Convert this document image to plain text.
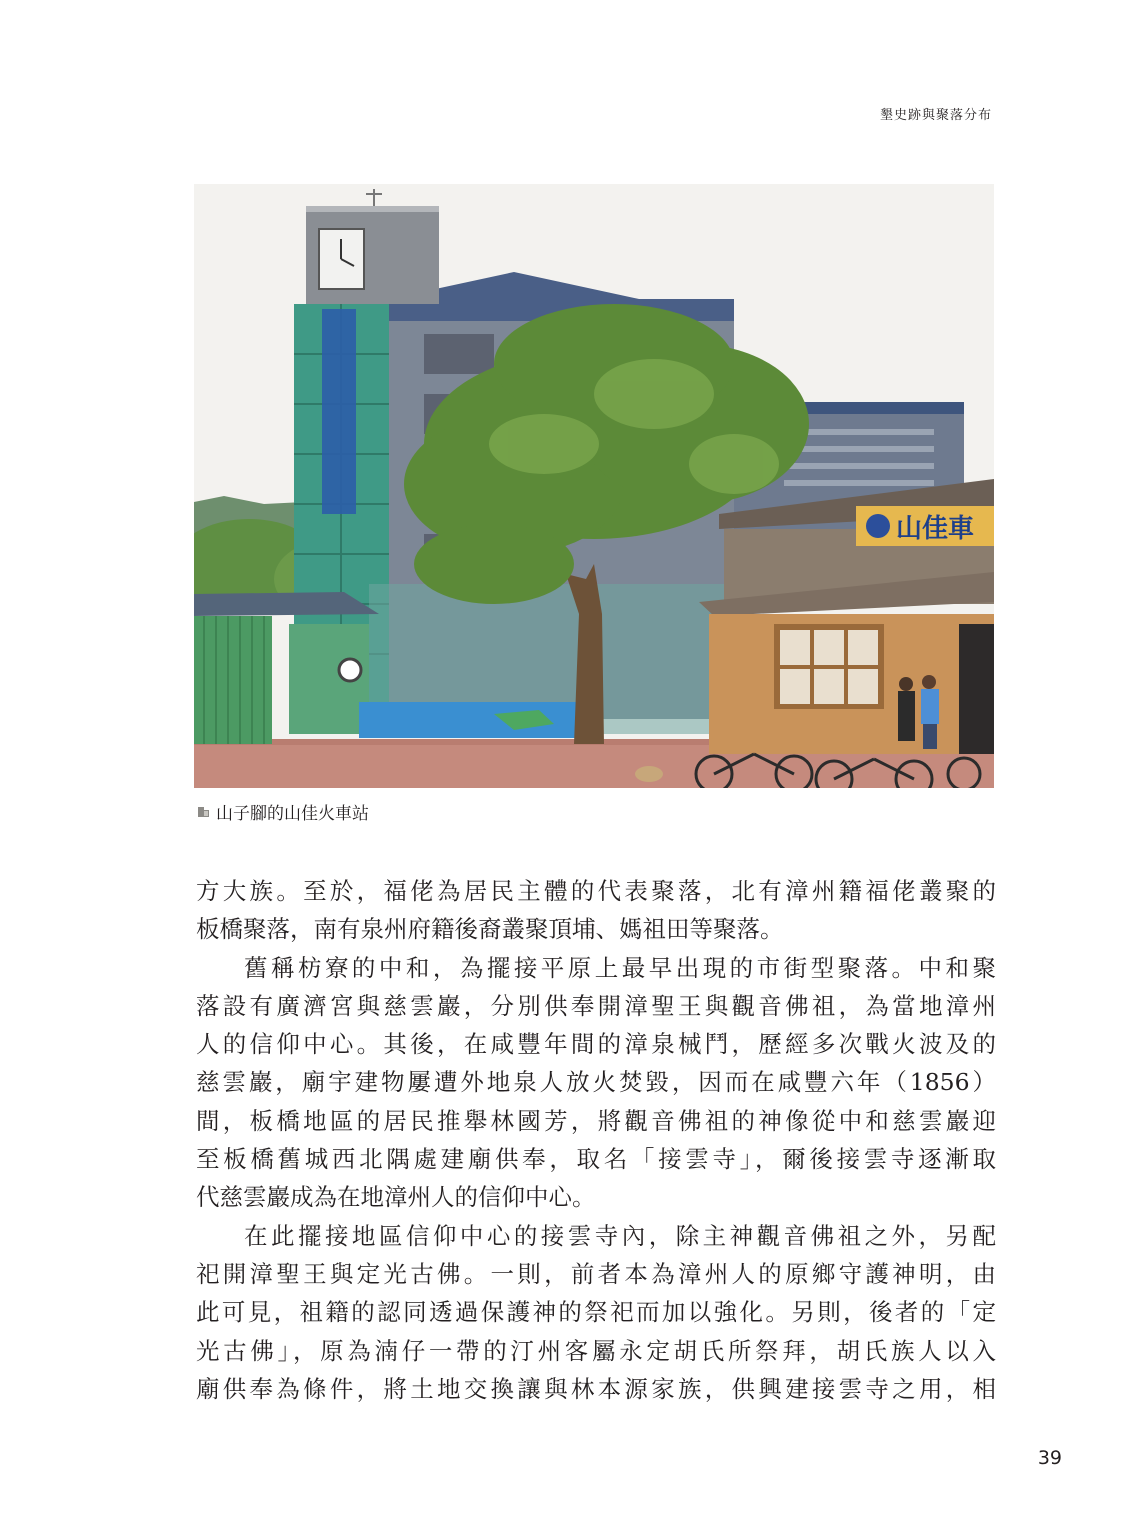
墾史跡與聚落分布
山佳車
山子腳的山佳火車站

方大族。至於，福佬為居民主體的代表聚落，北有漳州籍福佬叢聚的
板橋聚落，南有泉州府籍後裔叢聚頂埔、媽祖田等聚落。

舊稱枋寮的中和，為擺接平原上最早出現的市街型聚落。中和聚
落設有廣濟宮與慈雲巖，分別供奉開漳聖王與觀音佛祖，為當地漳州
人的信仰中心。其後，在咸豐年間的漳泉械鬥，歷經多次戰火波及的
慈雲巖，廟宇建物屢遭外地泉人放火焚毀，因而在咸豐六年（1856）
間，板橋地區的居民推舉林國芳，將觀音佛祖的神像從中和慈雲巖迎
至板橋舊城西北隅處建廟供奉，取名「接雲寺」，爾後接雲寺逐漸取
代慈雲巖成為在地漳州人的信仰中心。

在此擺接地區信仰中心的接雲寺內，除主神觀音佛祖之外，另配
祀開漳聖王與定光古佛。一則，前者本為漳州人的原鄉守護神明，由
此可見，祖籍的認同透過保護神的祭祀而加以強化。另則，後者的「定
光古佛」，原為湳仔一帶的汀州客屬永定胡氏所祭拜，胡氏族人以入
廟供奉為條件，將土地交換讓與林本源家族，供興建接雲寺之用，相

39
